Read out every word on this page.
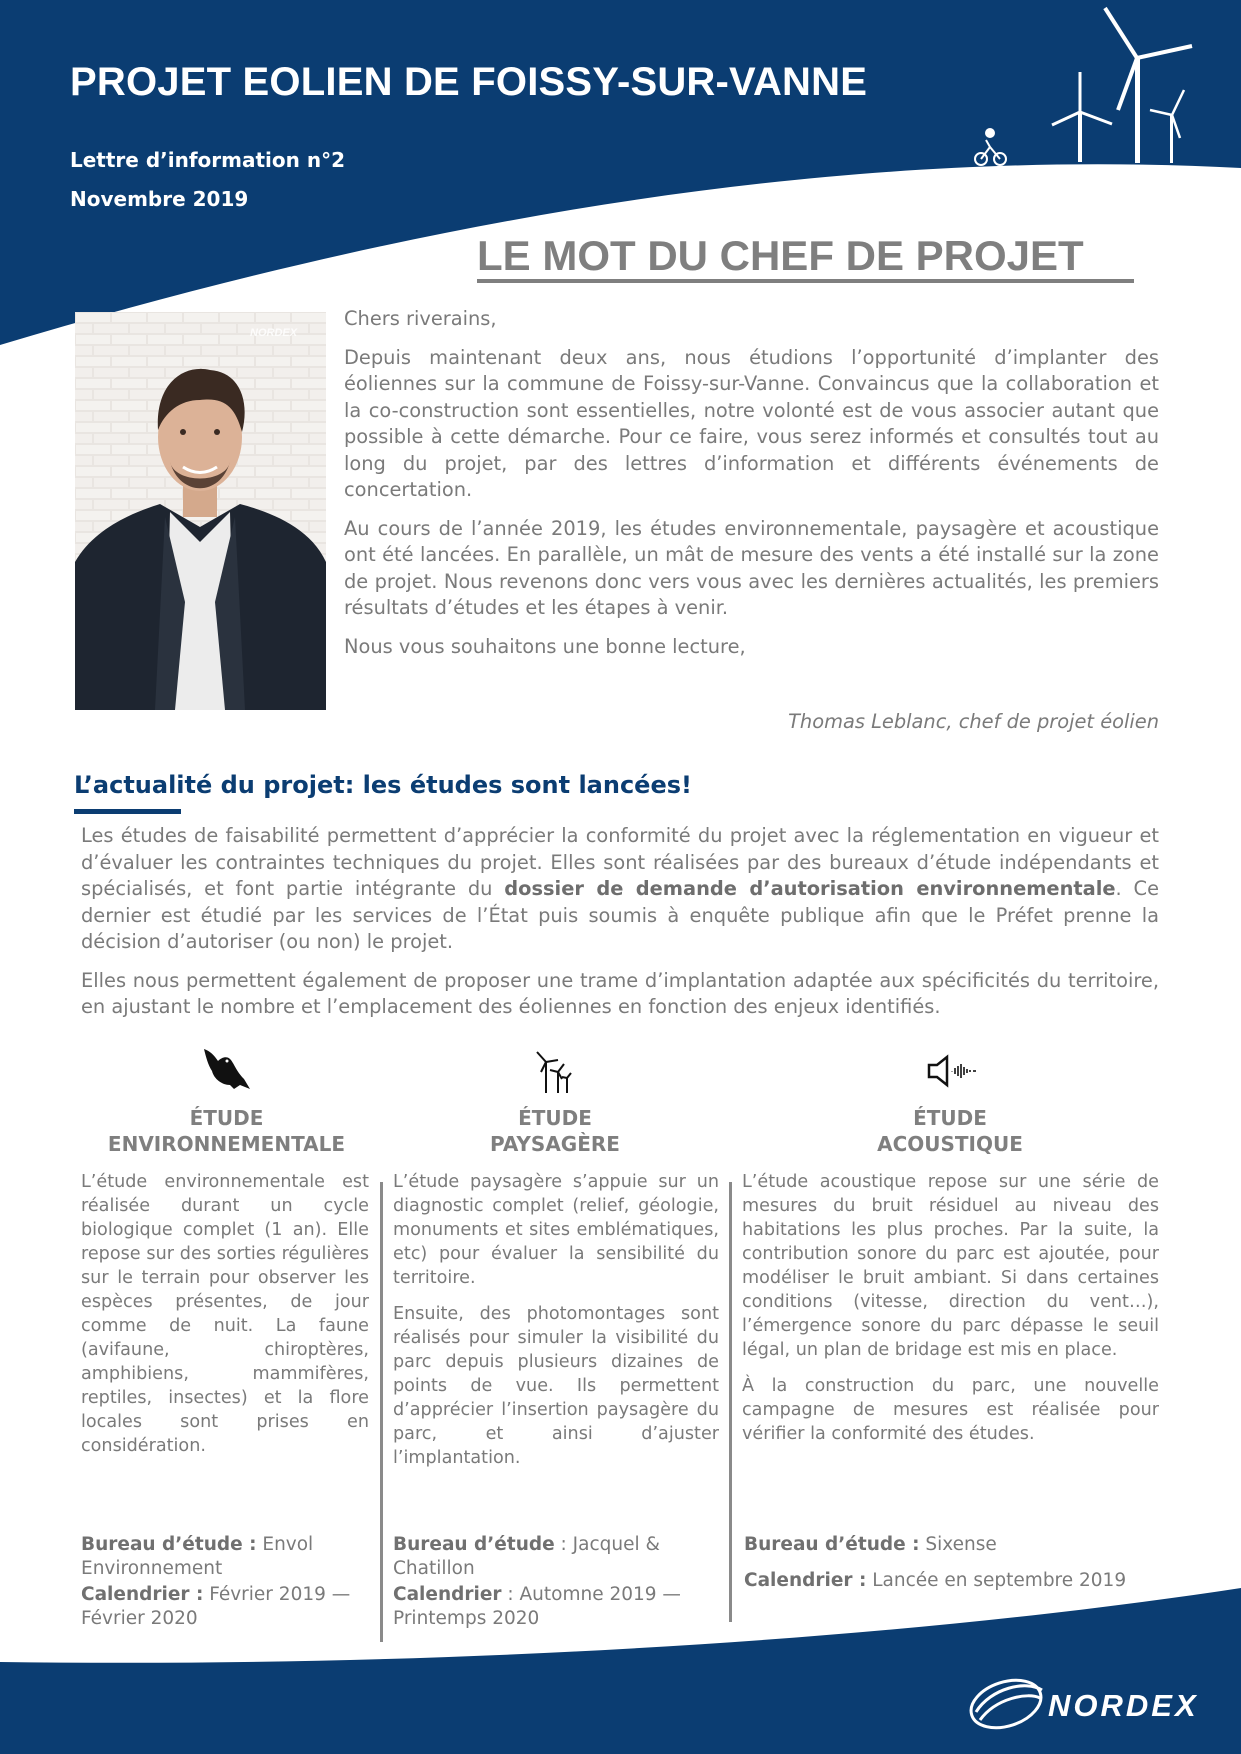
PROJET EOLIEN DE FOISSY-SUR-VANNE
Lettre d’information n°2
Novembre 2019
LE MOT DU CHEF DE PROJET
NORDEX

Chers riverains,

Depuis maintenant deux ans, nous étudions l’opportunité d’implanter des éoliennes sur la commune de Foissy-sur-Vanne. Convaincus que la collaboration et la co-construction sont essentielles, notre volonté est de vous associer autant que possible à cette démarche. Pour ce faire, vous serez informés et consultés tout au long du projet, par des lettres d’information et différents événements de concertation.

Au cours de l’année 2019, les études environnementale, paysagère et acoustique ont été lancées. En parallèle, un mât de mesure des vents a été installé sur la zone de projet. Nous revenons donc vers vous avec les dernières actualités, les premiers résultats d’études et les étapes à venir.

Nous vous souhaitons une bonne lecture,

Thomas Leblanc, chef de projet éolien
L’actualité du projet: les études sont lancées!

Les études de faisabilité permettent d’apprécier la conformité du projet avec la réglementation en vigueur et d’évaluer les contraintes techniques du projet. Elles sont réalisées par des bureaux d’étude indépendants et spécialisés, et font partie intégrante du dossier de demande d’autorisation environnementale. Ce dernier est étudié par les services de l’État puis soumis à enquête publique afin que le Préfet prenne la décision d’autoriser (ou non) le projet.

Elles nous permettent également de proposer une trame d’implantation adaptée aux spécificités du territoire, en ajustant le nombre et l’emplacement des éoliennes en fonction des enjeux identifiés.

ÉTUDE
ENVIRONNEMENTALE

L’étude environnementale est réalisée durant un cycle biologique complet (1 an). Elle repose sur des sorties régulières sur le terrain pour observer les espèces présentes, de jour comme de nuit. La faune (avifaune, chiroptères, amphibiens, mammifères, reptiles, insectes) et la flore locales sont prises en considération.

Bureau d’étude : Envol Environnement
Calendrier : Février 2019 — Février 2020
ÉTUDE
PAYSAGÈRE

L’étude paysagère s’appuie sur un diagnostic complet (relief, géologie, monuments et sites emblématiques, etc) pour évaluer la sensibilité du territoire.

Ensuite, des photomontages sont réalisés pour simuler la visibilité du parc depuis plusieurs dizaines de points de vue. Ils permettent d’apprécier l’insertion paysagère du parc, et ainsi d’ajuster l’implantation.

Bureau d’étude : Jacquel & Chatillon
Calendrier : Automne 2019 — Printemps 2020
ÉTUDE
ACOUSTIQUE

L’étude acoustique repose sur une série de mesures du bruit résiduel au niveau des habitations les plus proches. Par la suite, la contribution sonore du parc est ajoutée, pour modéliser le bruit ambiant. Si dans certaines conditions (vitesse, direction du vent…), l’émergence sonore du parc dépasse le seuil légal, un plan de bridage est mis en place.

À la construction du parc, une nouvelle campagne de mesures est réalisée pour vérifier la conformité des études.

Bureau d’étude : Sixense
Calendrier : Lancée en septembre 2019
NORDEX
